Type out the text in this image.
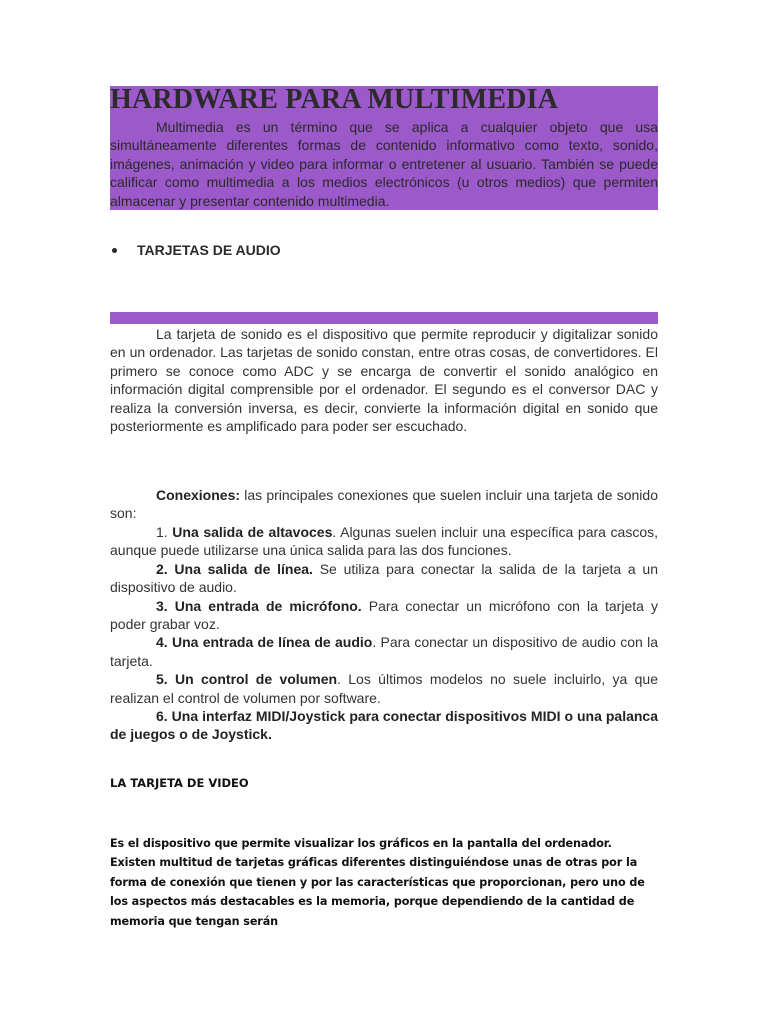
HARDWARE PARA MULTIMEDIA

Multimedia es un término que se aplica a cualquier objeto que usa simultáneamente diferentes formas de contenido informativo como texto, sonido, imágenes, animación y video para informar o entretener al usuario. También se puede calificar como multimedia a los medios electrónicos (u otros medios) que permiten almacenar y presentar contenido multimedia.

TARJETAS DE AUDIO

La tarjeta de sonido es el dispositivo que permite reproducir y digitalizar sonido en un ordenador. Las tarjetas de sonido constan, entre otras cosas, de convertidores. El primero se conoce como ADC y se encarga de convertir el sonido analógico en información digital comprensible por el ordenador. El segundo es el conversor DAC y realiza la conversión inversa, es decir, convierte la información digital en sonido que posteriormente es amplificado para poder ser escuchado.

Conexiones: las principales conexiones que suelen incluir una tarjeta de sonido son:

1. Una salida de altavoces. Algunas suelen incluir una específica para cascos, aunque puede utilizarse una única salida para las dos funciones.
2. Una salida de línea. Se utiliza para conectar la salida de la tarjeta a un dispositivo de audio.
3. Una entrada de micrófono. Para conectar un micrófono con la tarjeta y poder grabar voz.
4. Una entrada de línea de audio. Para conectar un dispositivo de audio con la tarjeta.
5. Un control de volumen. Los últimos modelos no suele incluirlo, ya que realizan el control de volumen por software.
6. Una interfaz MIDI/Joystick para conectar dispositivos MIDI o una palanca de juegos o de Joystick.
LA TARJETA DE VIDEO

Es el dispositivo que permite visualizar los gráficos en la pantalla del ordenador. Existen multitud de tarjetas gráficas diferentes distinguiéndose unas de otras por la forma de conexión que tienen y por las características que proporcionan, pero uno de los aspectos más destacables es la memoria, porque dependiendo de la cantidad de memoria que tengan serán
